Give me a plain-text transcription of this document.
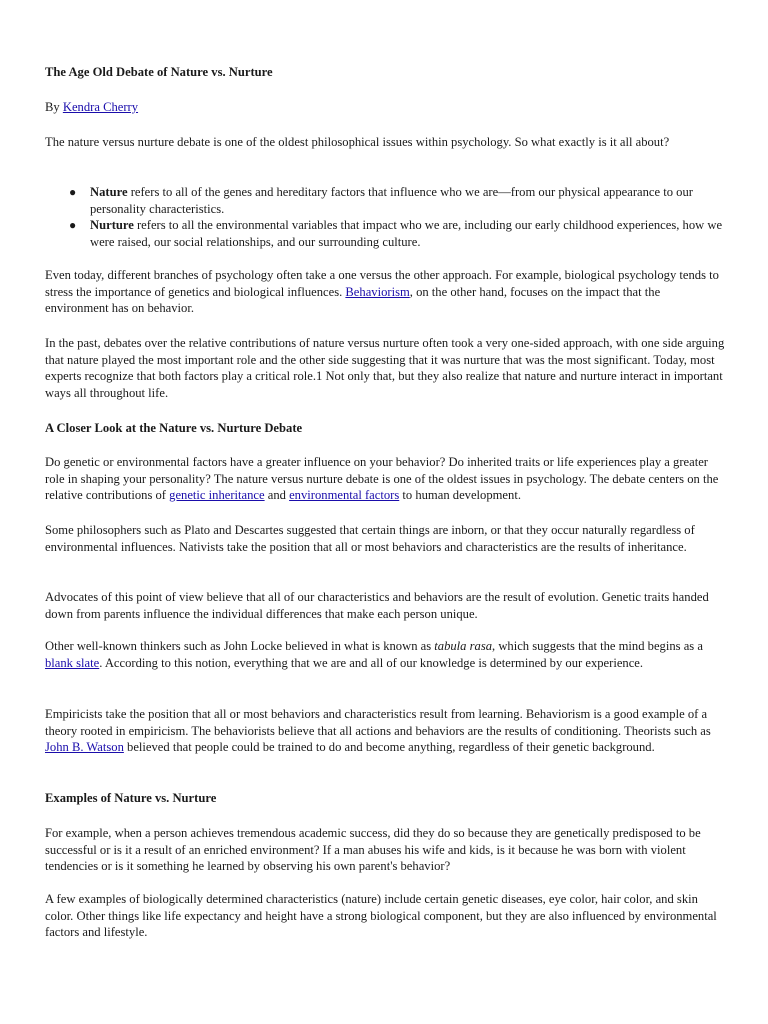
The Age Old Debate of Nature vs. Nurture

By Kendra Cherry

The nature versus nurture debate is one of the oldest philosophical issues within psychology. So what exactly is it all about?

● Nature refers to all of the genes and hereditary factors that influence who we are—from our physical appearance to our personality characteristics.
● Nurture refers to all the environmental variables that impact who we are, including our early childhood experiences, how we were raised, our social relationships, and our surrounding culture.

Even today, different branches of psychology often take a one versus the other approach. For example, biological psychology tends to stress the importance of genetics and biological influences. Behaviorism, on the other hand, focuses on the impact that the environment has on behavior.

In the past, debates over the relative contributions of nature versus nurture often took a very one-sided approach, with one side arguing that nature played the most important role and the other side suggesting that it was nurture that was the most significant. Today, most experts recognize that both factors play a critical role.1 Not only that, but they also realize that nature and nurture interact in important ways all throughout life.

A Closer Look at the Nature vs. Nurture Debate

Do genetic or environmental factors have a greater influence on your behavior? Do inherited traits or life experiences play a greater role in shaping your personality? The nature versus nurture debate is one of the oldest issues in psychology. The debate centers on the relative contributions of genetic inheritance and environmental factors to human development.

Some philosophers such as Plato and Descartes suggested that certain things are inborn, or that they occur naturally regardless of environmental influences. Nativists take the position that all or most behaviors and characteristics are the results of inheritance.

Advocates of this point of view believe that all of our characteristics and behaviors are the result of evolution. Genetic traits handed down from parents influence the individual differences that make each person unique.

Other well-known thinkers such as John Locke believed in what is known as tabula rasa, which suggests that the mind begins as a blank slate. According to this notion, everything that we are and all of our knowledge is determined by our experience.

Empiricists take the position that all or most behaviors and characteristics result from learning. Behaviorism is a good example of a theory rooted in empiricism. The behaviorists believe that all actions and behaviors are the results of conditioning. Theorists such as John B. Watson believed that people could be trained to do and become anything, regardless of their genetic background.

Examples of Nature vs. Nurture

For example, when a person achieves tremendous academic success, did they do so because they are genetically predisposed to be successful or is it a result of an enriched environment? If a man abuses his wife and kids, is it because he was born with violent tendencies or is it something he learned by observing his own parent's behavior?

A few examples of biologically determined characteristics (nature) include certain genetic diseases, eye color, hair color, and skin color. Other things like life expectancy and height have a strong biological component, but they are also influenced by environmental factors and lifestyle.
